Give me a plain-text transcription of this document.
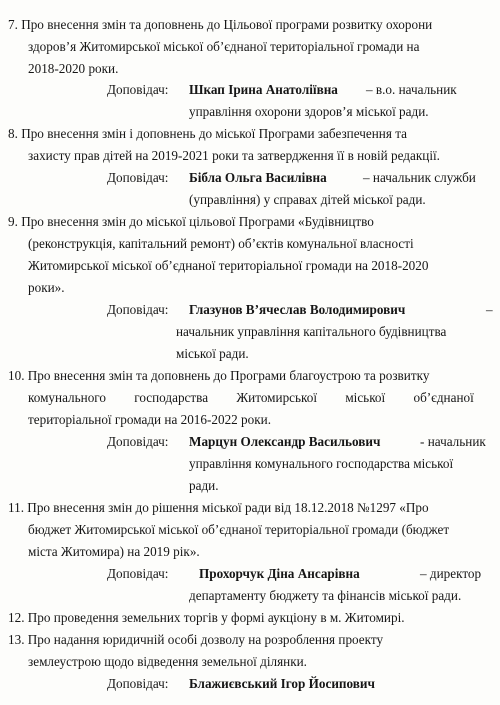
7. Про внесення змін та доповнень до Цільової програми розвитку охорони
здоров’я Житомирської міської об’єднаної територіальної громади на
2018-2020 роки.
Доповідач: Шкап Ірина Анатоліївна – в.о. начальник
управління охорони здоров’я міської ради.
8. Про внесення змін і доповнень до міської Програми забезпечення та
захисту прав дітей на 2019-2021 роки та затвердження її в новій редакції.
Доповідач: Бібла Ольга Василівна	– начальник служби
(управління) у справах дітей міської ради.
9. Про внесення змін до міської цільової Програми «Будівництво
(реконструкція, капітальний ремонт) об’єктів комунальної власності
Житомирської міської об’єднаної територіальної громади на 2018-2020
роки».
Доповідач: Глазунов В’ячеслав Володимирович	–
начальник управління капітального будівництва
міської ради.
10. Про внесення змін та доповнень до Програми благоустрою та розвитку
комунального господарства Житомирської міської об’єднаної
територіальної громади на 2016-2022 роки.
Доповідач: Марцун Олександр Васильович	- начальник
управління комунального господарства міської
ради.
11. Про внесення змін до рішення міської ради від 18.12.2018 №1297 «Про
бюджет Житомирської міської об’єднаної територіальної громади (бюджет
міста Житомира) на 2019 рік».
Доповідач: Прохорчук Діна Ансарівна	– директор
департаменту бюджету та фінансів міської ради.
12. Про проведення земельних торгів у формі аукціону в м. Житомирі.
13. Про надання юридичній особі дозволу на розроблення проекту
землеустрою щодо відведення земельної ділянки.
Доповідач: Блажиєвський Ігор Йосипович
